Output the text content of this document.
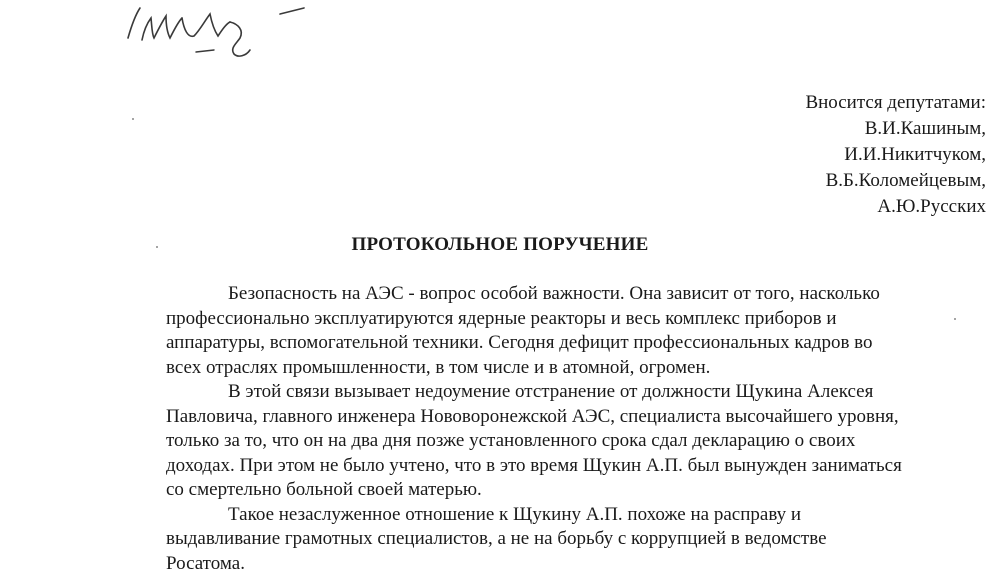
Вносится депутатами:
В.И.Кашиным,
И.И.Никитчуком,
В.Б.Коломейцевым,
А.Ю.Русских
ПРОТОКОЛЬНОЕ ПОРУЧЕНИЕ
Безопасность на АЭС - вопрос особой важности. Она зависит от того, насколько
профессионально эксплуатируются ядерные реакторы и весь комплекс приборов и
аппаратуры, вспомогательной техники. Сегодня дефицит профессиональных кадров во
всех отраслях промышленности, в том числе и в атомной, огромен.
В этой связи вызывает недоумение отстранение от должности Щукина Алексея
Павловича, главного инженера Нововоронежской АЭС, специалиста высочайшего уровня,
только за то, что он на два дня позже установленного срока сдал декларацию о своих
доходах. При этом не было учтено, что в это время Щукин А.П. был вынужден заниматься
со смертельно больной своей матерью.
Такое незаслуженное отношение к Щукину А.П. похоже на расправу и
выдавливание грамотных специалистов, а не на борьбу с коррупцией в ведомстве
Росатома.
